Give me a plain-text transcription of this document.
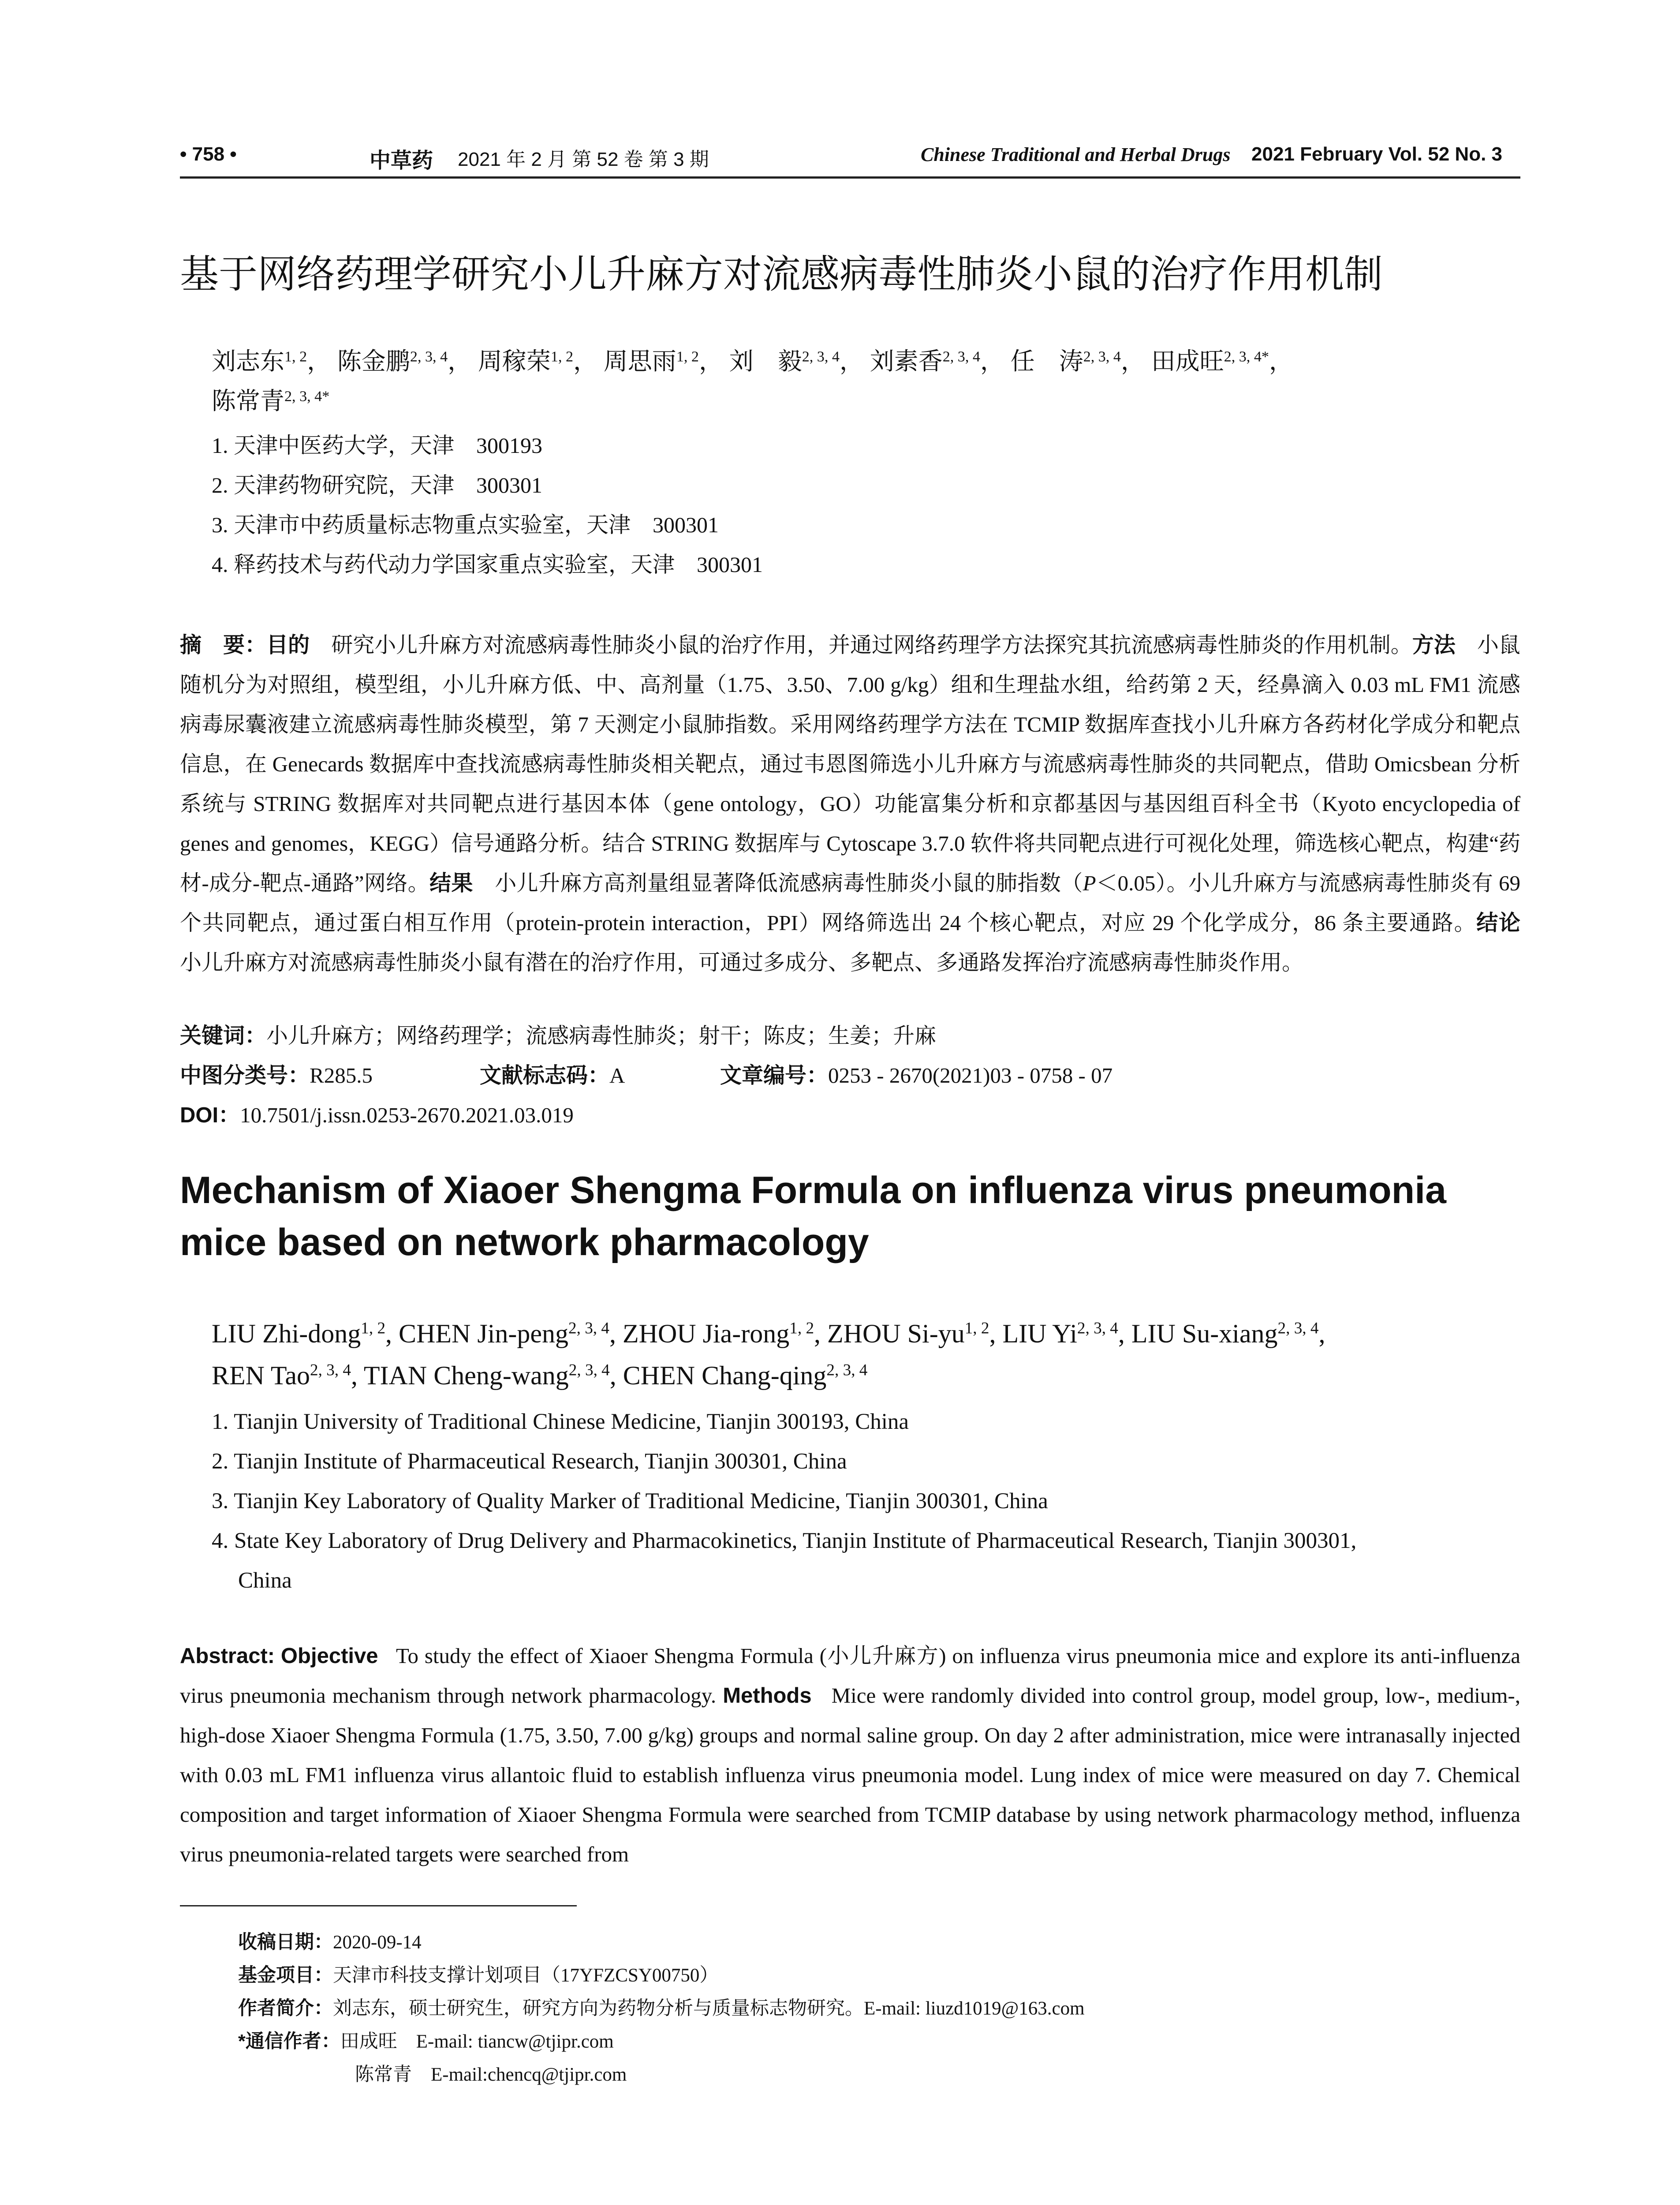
• 758 •	中草药 2021 年 2 月 第 52 卷 第 3 期	Chinese Traditional and Herbal Drugs 2021 February Vol. 52 No. 3
基于网络药理学研究小儿升麻方对流感病毒性肺炎小鼠的治疗作用机制
刘志东$^{1, 2}$， 陈金鹏$^{2, 3, 4}$， 周稼荣$^{1, 2}$， 周思雨$^{1, 2}$， 刘　毅$^{2, 3, 4}$， 刘素香$^{2, 3, 4}$， 任　涛$^{2, 3, 4}$， 田成旺$^{2, 3, 4*}$，
陈常青$^{2, 3, 4*}$
1. 天津中医药大学，天津　300193
2. 天津药物研究院，天津　300301
3. 天津市中药质量标志物重点实验室，天津　300301
4. 释药技术与药代动力学国家重点实验室，天津　300301
摘　要：目的　 研究小儿升麻方对流感病毒性肺炎小鼠的治疗作用，并通过网络药理学方法探究其抗流感病毒性肺炎的作用机制。方法　 小鼠随机分为对照组，模型组，小儿升麻方低、中、高剂量（1.75、3.50、7.00 g/kg）组和生理盐水组，给药第 2 天，经鼻滴入 0.03 mL FM1 流感病毒尿囊液建立流感病毒性肺炎模型，第 7 天测定小鼠肺指数。采用网络药理学方法在 TCMIP 数据库查找小儿升麻方各药材化学成分和靶点信息，在 Genecards 数据库中查找流感病毒性肺炎相关靶点，通过韦恩图筛选小儿升麻方与流感病毒性肺炎的共同靶点，借助 Omicsbean 分析系统与 STRING 数据库对共同靶点进行基因本体（gene ontology，GO）功能富集分析和京都基因与基因组百科全书（Kyoto encyclopedia of genes and genomes，KEGG）信号通路分析。结合 STRING 数据库与 Cytoscape 3.7.0 软件将共同靶点进行可视化处理，筛选核心靶点，构建“药材-成分-靶点-通路”网络。结果　 小儿升麻方高剂量组显著降低流感病毒性肺炎小鼠的肺指数（P＜0.05）。小儿升麻方与流感病毒性肺炎有 69 个共同靶点，通过蛋白相互作用（protein-protein interaction，PPI）网络筛选出 24 个核心靶点，对应 29 个化学成分，86 条主要通路。结论　小儿升麻方对流感病毒性肺炎小鼠有潜在的治疗作用，可通过多成分、多靶点、多通路发挥治疗流感病毒性肺炎作用。
关键词：小儿升麻方；网络药理学；流感病毒性肺炎；射干；陈皮；生姜；升麻
中图分类号：R285.5	文献标志码：A	文章编号：0253 - 2670(2021)03 - 0758 - 07
DOI：10.7501/j.issn.0253-2670.2021.03.019
Mechanism of Xiaoer Shengma Formula on influenza virus pneumonia mice based on network pharmacology
LIU Zhi-dong$^{1, 2}$, CHEN Jin-peng$^{2, 3, 4}$, ZHOU Jia-rong$^{1, 2}$, ZHOU Si-yu$^{1, 2}$, LIU Yi$^{2, 3, 4}$, LIU Su-xiang$^{2, 3, 4}$,
REN Tao$^{2, 3, 4}$, TIAN Cheng-wang$^{2, 3, 4}$, CHEN Chang-qing$^{2, 3, 4}$
1. Tianjin University of Traditional Chinese Medicine, Tianjin 300193, China
2. Tianjin Institute of Pharmaceutical Research, Tianjin 300301, China
3. Tianjin Key Laboratory of Quality Marker of Traditional Medicine, Tianjin 300301, China
4. State Key Laboratory of Drug Delivery and Pharmacokinetics, Tianjin Institute of Pharmaceutical Research, Tianjin 300301,
China
Abstract: Objective To study the effect of Xiaoer Shengma Formula (小儿升麻方) on influenza virus pneumonia mice and explore its anti-influenza virus pneumonia mechanism through network pharmacology. Methods Mice were randomly divided into control group, model group, low-, medium-, high-dose Xiaoer Shengma Formula (1.75, 3.50, 7.00 g/kg) groups and normal saline group. On day 2 after administration, mice were intranasally injected with 0.03 mL FM1 influenza virus allantoic fluid to establish influenza virus pneumonia model. Lung index of mice were measured on day 7. Chemical composition and target information of Xiaoer Shengma Formula were searched from TCMIP database by using network pharmacology method, influenza virus pneumonia-related targets were searched from
收稿日期：2020-09-14
基金项目：天津市科技支撑计划项目（17YFZCSY00750）
作者简介：刘志东，硕士研究生，研究方向为药物分析与质量标志物研究。E-mail: liuzd1019@163.com
*通信作者：田成旺　E-mail: tiancw@tjipr.com
陈常青　E-mail:chencq@tjipr.com
